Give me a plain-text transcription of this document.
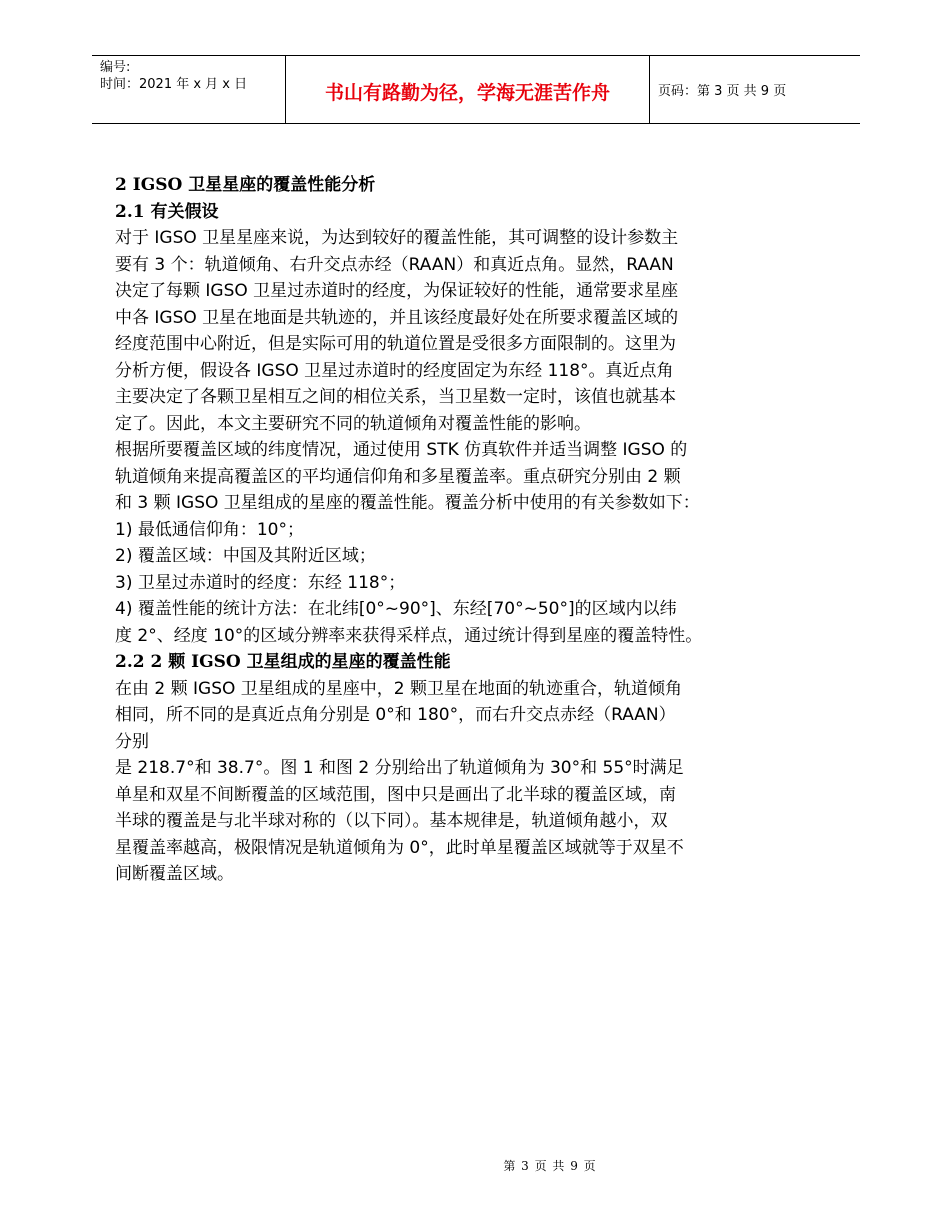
编号:
时间：2021 年 x 月 x 日	书山有路勤为径，学海无涯苦作舟	页码：第 3 页 共 9 页

2 IGSO 卫星星座的覆盖性能分析

2.1 有关假设

对于 IGSO 卫星星座来说，为达到较好的覆盖性能，其可调整的设计参数主

要有 3 个：轨道倾角、右升交点赤经（RAAN）和真近点角。显然，RAAN

决定了每颗 IGSO 卫星过赤道时的经度，为保证较好的性能，通常要求星座

中各 IGSO 卫星在地面是共轨迹的，并且该经度最好处在所要求覆盖区域的

经度范围中心附近，但是实际可用的轨道位置是受很多方面限制的。这里为

分析方便，假设各 IGSO 卫星过赤道时的经度固定为东经 118°。真近点角

主要决定了各颗卫星相互之间的相位关系，当卫星数一定时，该值也就基本

定了。因此，本文主要研究不同的轨道倾角对覆盖性能的影响。

根据所要覆盖区域的纬度情况，通过使用 STK 仿真软件并适当调整 IGSO 的

轨道倾角来提高覆盖区的平均通信仰角和多星覆盖率。重点研究分别由 2 颗

和 3 颗 IGSO 卫星组成的星座的覆盖性能。覆盖分析中使用的有关参数如下：

1) 最低通信仰角：10°；

2) 覆盖区域：中国及其附近区域；

3) 卫星过赤道时的经度：东经 118°；

4) 覆盖性能的统计方法：在北纬[0°~90°]、东经[70°~50°]的区域内以纬

度 2°、经度 10°的区域分辨率来获得采样点，通过统计得到星座的覆盖特性。

2.2 2 颗 IGSO 卫星组成的星座的覆盖性能

在由 2 颗 IGSO 卫星组成的星座中，2 颗卫星在地面的轨迹重合，轨道倾角

相同，所不同的是真近点角分别是 0°和 180°，而右升交点赤经（RAAN）

分别

是 218.7°和 38.7°。图 1 和图 2 分别给出了轨道倾角为 30°和 55°时满足

单星和双星不间断覆盖的区域范围，图中只是画出了北半球的覆盖区域，南

半球的覆盖是与北半球对称的（以下同）。基本规律是，轨道倾角越小，双

星覆盖率越高，极限情况是轨道倾角为 0°，此时单星覆盖区域就等于双星不

间断覆盖区域。

第 3 页 共 9 页
